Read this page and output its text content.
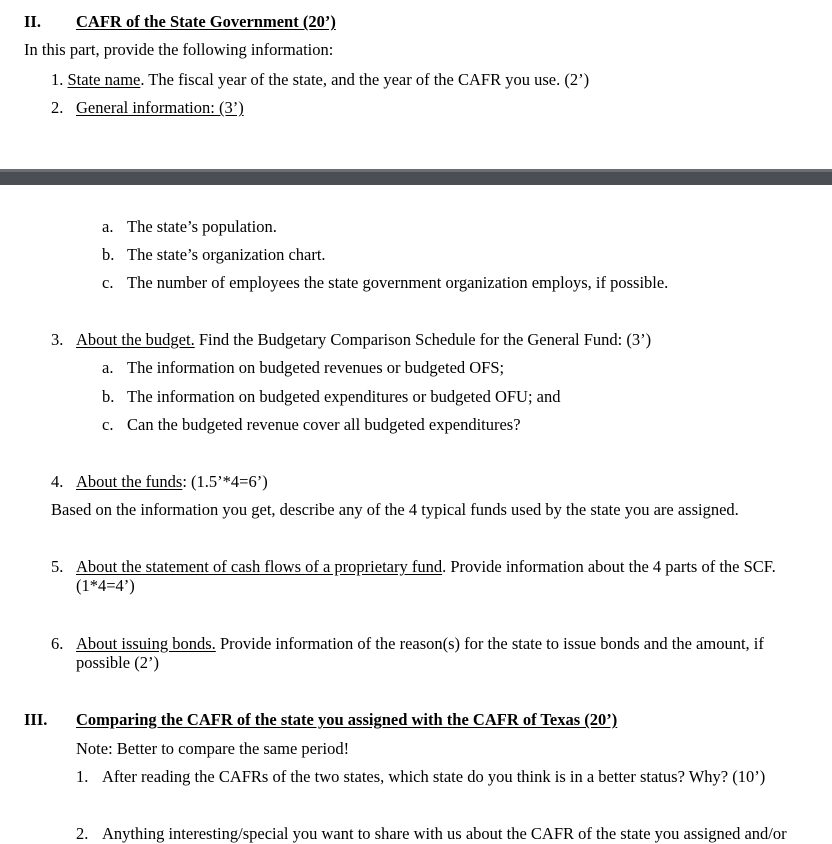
II. CAFR of the State Government (20’)
In this part, provide the following information:
1. State name. The fiscal year of the state, and the year of the CAFR you use. (2’)
2. General information: (3’)
a. The state’s population.
b. The state’s organization chart.
c. The number of employees the state government organization employs, if possible.
3. About the budget. Find the Budgetary Comparison Schedule for the General Fund: (3’)
a. The information on budgeted revenues or budgeted OFS;
b. The information on budgeted expenditures or budgeted OFU; and
c. Can the budgeted revenue cover all budgeted expenditures?
4. About the funds: (1.5’*4=6’)
Based on the information you get, describe any of the 4 typical funds used by the state you are assigned.
5. About the statement of cash flows of a proprietary fund. Provide information about the 4 parts of the SCF.
(1*4=4’)
6. About issuing bonds. Provide information of the reason(s) for the state to issue bonds and the amount, if
possible (2’)
III. Comparing the CAFR of the state you assigned with the CAFR of Texas (20’)
Note: Better to compare the same period!
1. After reading the CAFRs of the two states, which state do you think is in a better status? Why? (10’)
2. Anything interesting/special you want to share with us about the CAFR of the state you assigned and/or
